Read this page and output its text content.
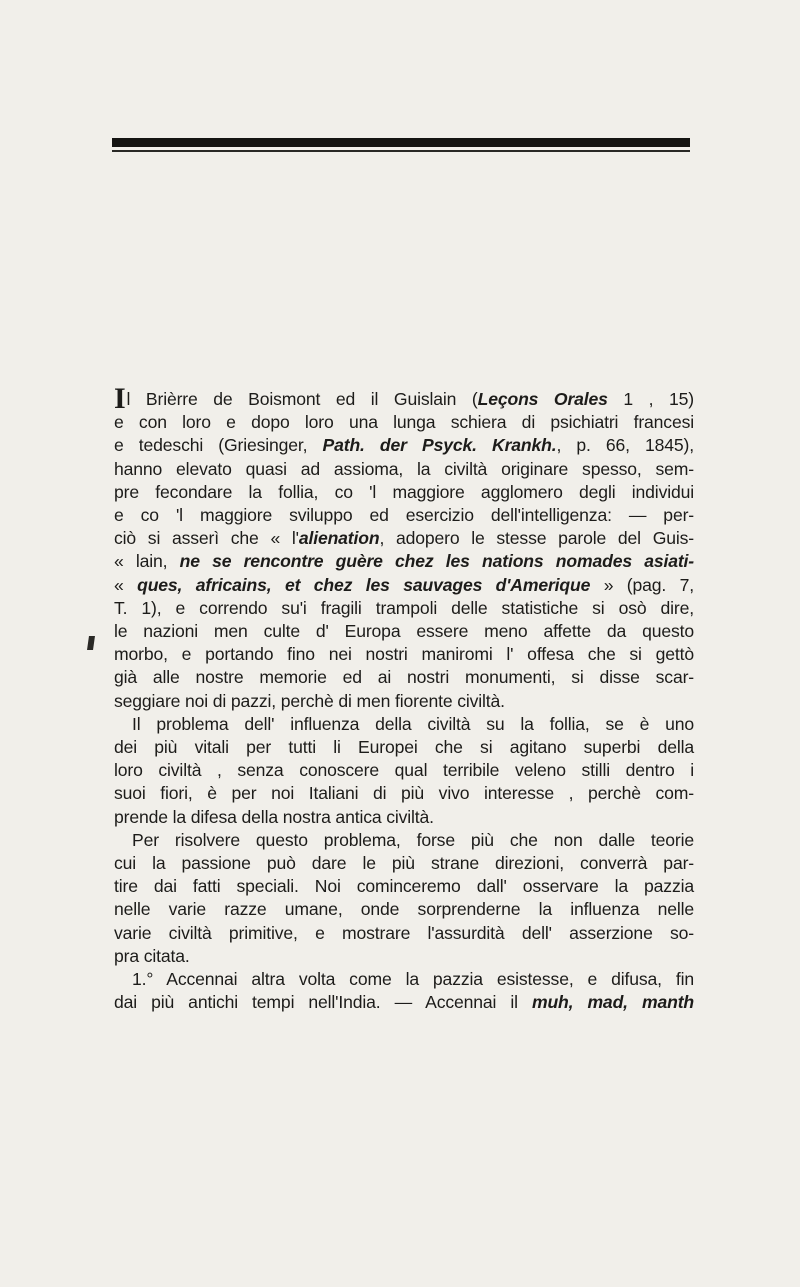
Il Brièrre de Boismont ed il Guislain (Leçons Orales 1 , 15)
e con loro e dopo loro una lunga schiera di psichiatri francesi
e tedeschi (Griesinger, Path. der Psyck. Krankh., p. 66, 1845),
hanno elevato quasi ad assioma, la civiltà originare spesso, sem-
pre fecondare la follia, co 'l maggiore agglomero degli individui
e co 'l maggiore sviluppo ed esercizio dell'intelligenza: — per-
ciò si asserì che « l'alienation, adopero le stesse parole del Guis-
« lain, ne se rencontre guère chez les nations nomades asiati-
« ques, africains, et chez les sauvages d'Amerique » (pag. 7,
T. 1), e correndo su'i fragili trampoli delle statistiche si osò dire,
le nazioni men culte d' Europa essere meno affette da questo
morbo, e portando fino nei nostri maniromi l' offesa che si gettò
già alle nostre memorie ed ai nostri monumenti, si disse scar-
seggiare noi di pazzi, perchè di men fiorente civiltà.
Il problema dell' influenza della civiltà su la follia, se è uno
dei più vitali per tutti li Europei che si agitano superbi della
loro civiltà , senza conoscere qual terribile veleno stilli dentro i
suoi fiori, è per noi Italiani di più vivo interesse , perchè com-
prende la difesa della nostra antica civiltà.
Per risolvere questo problema, forse più che non dalle teorie
cui la passione può dare le più strane direzioni, converrà par-
tire dai fatti speciali. Noi cominceremo dall' osservare la pazzia
nelle varie razze umane, onde sorprenderne la influenza nelle
varie civiltà primitive, e mostrare l'assurdità dell' asserzione so-
pra citata.
1.° Accennai altra volta come la pazzia esistesse, e difusa, fin
dai più antichi tempi nell'India. — Accennai il muh, mad, manth
